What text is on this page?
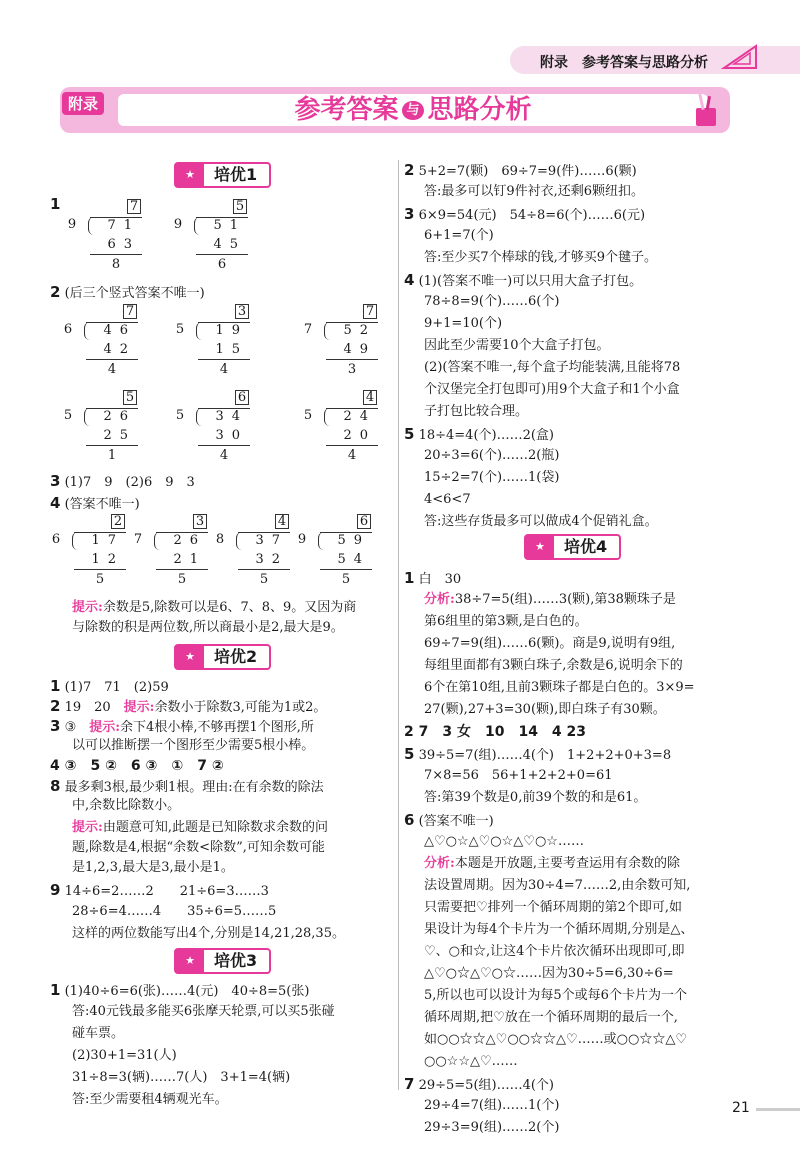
附录　参考答案与思路分析
附录	参考答案 与 思路分析
★ 培优1
1	7
9 71
63
8
5
9 51
45
6
2 (后三个竖式答案不唯一)
7
6 46
42
4
3
5 19
15
4
7
7 52
49
3
5
5 26
25
1
6
5 34
30
4
4
5 24
20
4
3 (1)7　9　(2)6　9　3
4 (答案不唯一)
2
6 17
12
5
3
7 26
21
5
4
8 37
32
5
6
9 59
54
5
提示:余数是5,除数可以是6、7、8、9。又因为商
与除数的积是两位数,所以商最小是2,最大是9。
★ 培优2
1 (1)7　71　(2)59
2 19　20　提示:余数小于除数3,可能为1或2。
3 ③　提示:余下4根小棒,不够再摆1个图形,所
以可以推断摆一个图形至少需要5根小棒。
4 ③　5 ②　6 ③　①　7 ②
8 最多剩3根,最少剩1根。理由:在有余数的除法
中,余数比除数小。
提示:由题意可知,此题是已知除数求余数的问
题,除数是4,根据“余数<除数”,可知余数可能
是1,2,3,最大是3,最小是1。
9 14÷6=2……2　　21÷6=3……3
28÷6=4……4　　35÷6=5……5
这样的两位数能写出4个,分别是14,21,28,35。
★ 培优3
1 (1)40÷6=6(张)……4(元)　40÷8=5(张)
答:40元钱最多能买6张摩天轮票,可以买5张碰
碰车票。
(2)30+1=31(人)
31÷8=3(辆)……7(人)　3+1=4(辆)
答:至少需要租4辆观光车。
2 5+2=7(颗)　69÷7=9(件)……6(颗)
答:最多可以钉9件衬衣,还剩6颗纽扣。
3 6×9=54(元)　54÷8=6(个)……6(元)
6+1=7(个)
答:至少买7个棒球的钱,才够买9个毽子。
4 (1)(答案不唯一)可以只用大盒子打包。
78÷8=9(个)……6(个)
9+1=10(个)
因此至少需要10个大盒子打包。
(2)(答案不唯一,每个盒子均能装满,且能将78
个汉堡完全打包即可)用9个大盒子和1个小盒
子打包比较合理。
5 18÷4=4(个)……2(盒)
20÷3=6(个)……2(瓶)
15÷2=7(个)……1(袋)
4<6<7
答:这些存货最多可以做成4个促销礼盒。
★ 培优4
1 白　30
分析:38÷7=5(组)……3(颗),第38颗珠子是
第6组里的第3颗,是白色的。
69÷7=9(组)……6(颗)。商是9,说明有9组,
每组里面都有3颗白珠子,余数是6,说明余下的
6个在第10组,且前3颗珠子都是白色的。3×9=
27(颗),27+3=30(颗),即白珠子有30颗。
2 7　3 女　10　14　4 23
5 39÷5=7(组)……4(个)　1+2+2+0+3=8
7×8=56　56+1+2+2+0=61
答:第39个数是0,前39个数的和是61。
6 (答案不唯一)
△♡○☆△♡○☆△♡○☆……
分析:本题是开放题,主要考查运用有余数的除
法设置周期。因为30÷4=7……2,由余数可知,
只需要把♡排列一个循环周期的第2个即可,如
果设计为每4个卡片为一个循环周期,分别是△、
♡、○和☆,让这4个卡片依次循环出现即可,即
△♡○☆△♡○☆……因为30÷5=6,30÷6=
5,所以也可以设计为每5个或每6个卡片为一个
循环周期,把♡放在一个循环周期的最后一个,
如○○☆☆△♡○○☆☆△♡……或○○☆☆△♡
○○☆☆△♡……
7 29÷5=5(组)……4(个)
29÷4=7(组)……1(个)
29÷3=9(组)……2(个)
21
